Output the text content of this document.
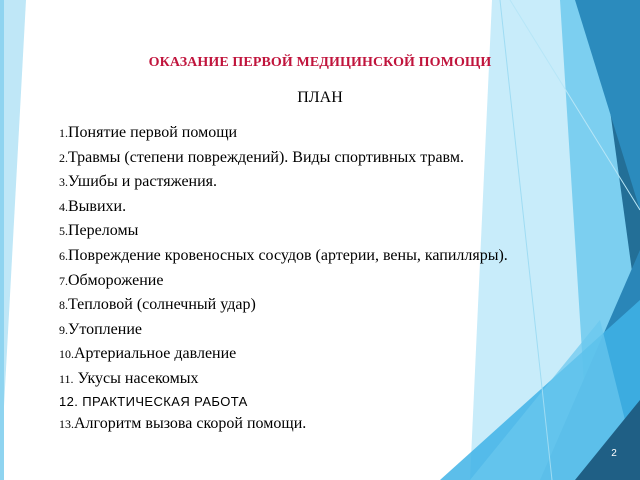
ОКАЗАНИЕ ПЕРВОЙ МЕДИЦИНСКОЙ ПОМОЩИ
ПЛАН
1.Понятие первой помощи
2.Травмы (степени повреждений). Виды спортивных травм.
3.Ушибы и растяжения.
4.Вывихи.
5.Переломы
6.Повреждение кровеносных сосудов (артерии, вены, капилляры).
7.Обморожение
8.Тепловой (солнечный удар)
9.Утопление
10.Артериальное давление
11. Укусы насекомых
12. ПРАКТИЧЕСКАЯ РАБОТА
13.Алгоритм вызова скорой помощи.
2
